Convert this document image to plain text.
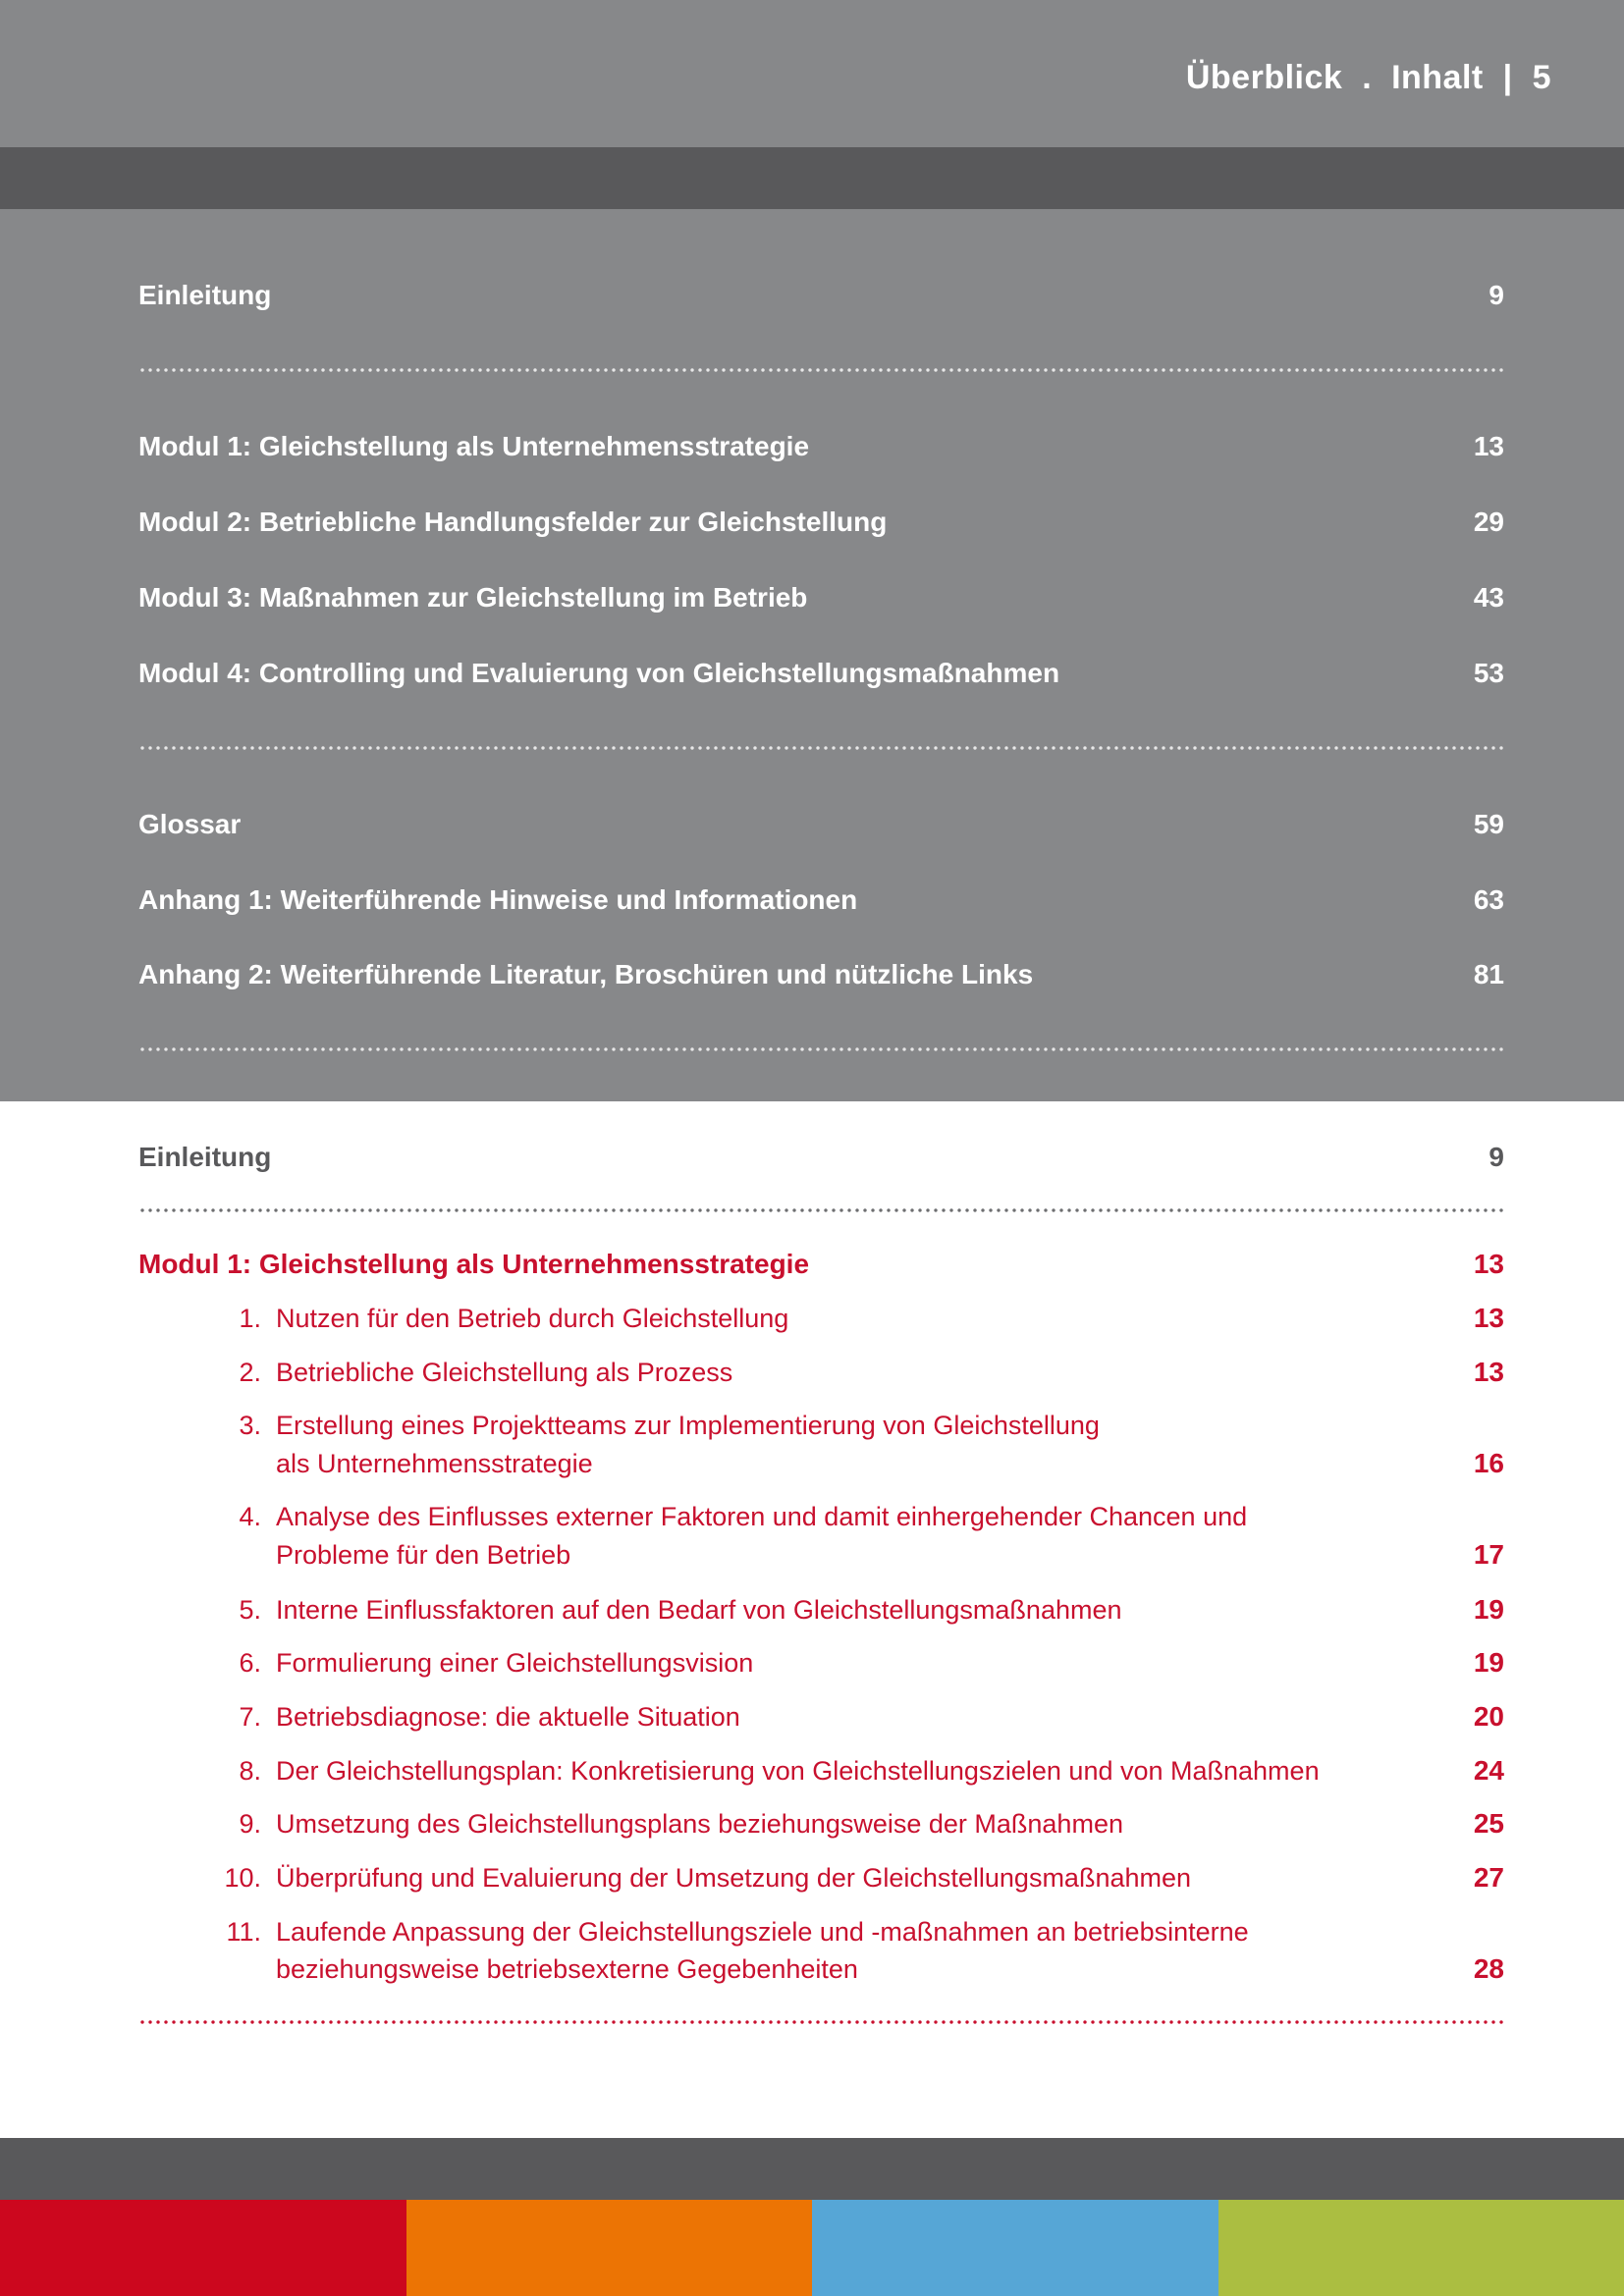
Überblick . Inhalt | 5
Einleitung	9
Modul 1: Gleichstellung als Unternehmensstrategie	13
Modul 2: Betriebliche Handlungsfelder zur Gleichstellung	29
Modul 3: Maßnahmen zur Gleichstellung im Betrieb	43
Modul 4: Controlling und Evaluierung von Gleichstellungsmaßnahmen	53
Glossar	59
Anhang 1: Weiterführende Hinweise und Informationen	63
Anhang 2: Weiterführende Literatur, Broschüren und nützliche Links	81
Einleitung	9
Modul 1: Gleichstellung als Unternehmensstrategie	13
1. Nutzen für den Betrieb durch Gleichstellung	13
2. Betriebliche Gleichstellung als Prozess	13
3. Erstellung eines Projektteams zur Implementierung von Gleichstellung
als Unternehmensstrategie	16
4. Analyse des Einflusses externer Faktoren und damit einhergehender Chancen und
Probleme für den Betrieb	17
5. Interne Einflussfaktoren auf den Bedarf von Gleichstellungsmaßnahmen	19
6. Formulierung einer Gleichstellungsvision	19
7. Betriebsdiagnose: die aktuelle Situation	20
8. Der Gleichstellungsplan: Konkretisierung von Gleichstellungszielen und von Maßnahmen	24
9. Umsetzung des Gleichstellungsplans beziehungsweise der Maßnahmen	25
10. Überprüfung und Evaluierung der Umsetzung der Gleichstellungsmaßnahmen	27
11. Laufende Anpassung der Gleichstellungsziele und -maßnahmen an betriebsinterne
beziehungsweise betriebsexterne Gegebenheiten	28
